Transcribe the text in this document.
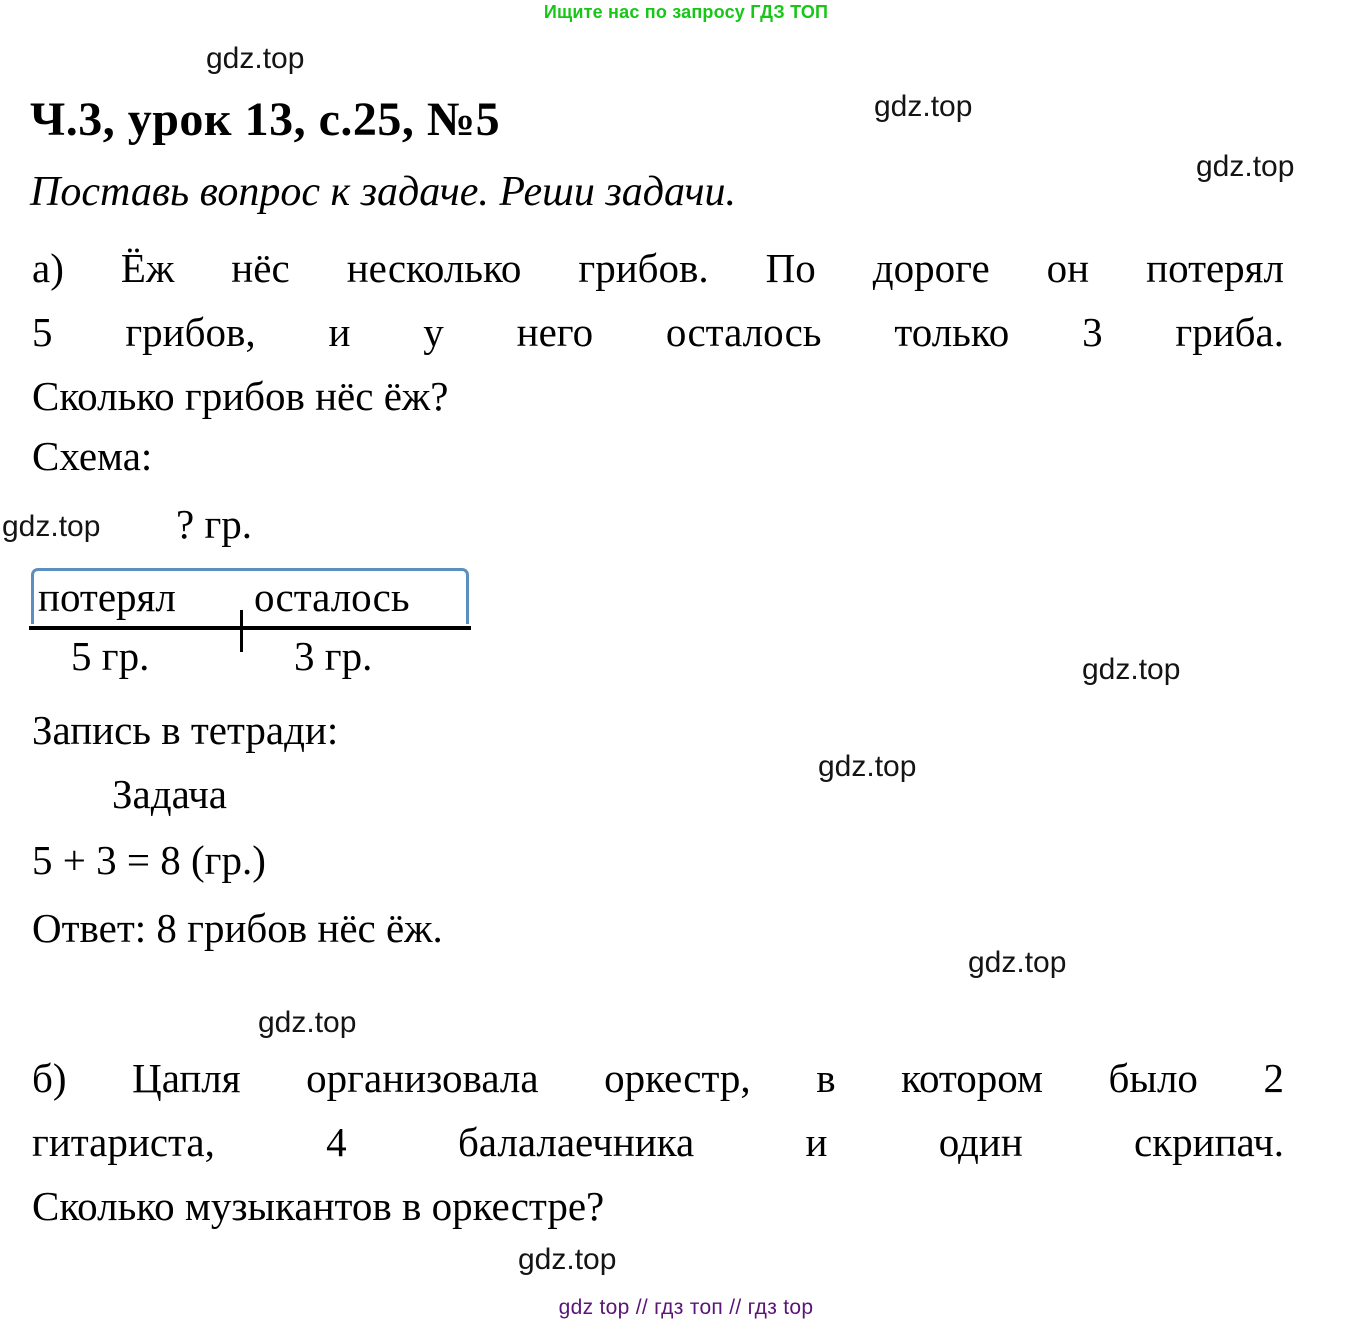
Ищите нас по запросу ГДЗ ТОП
Ч.3, урок 13, с.25, №5
Поставь вопрос к задаче. Реши задачи.
а) Ёж нёс несколько грибов. По дороге он потерял
5 грибов, и у него осталось только 3 гриба.
Сколько грибов нёс ёж?
Схема:
? гр.
потерял осталось
5 гр.	3 гр.
Запись в тетради:
Задача
5 + 3 = 8 (гр.)
Ответ: 8 грибов нёс ёж.
б) Цапля организовала оркестр, в котором было 2
гитариста, 4 балалаечника и один скрипач.
Сколько музыкантов в оркестре?
gdz.top
gdz.top
gdz.top
gdz.top
gdz.top
gdz.top
gdz.top
gdz.top
gdz.top
gdz top // гдз топ // гдз top
